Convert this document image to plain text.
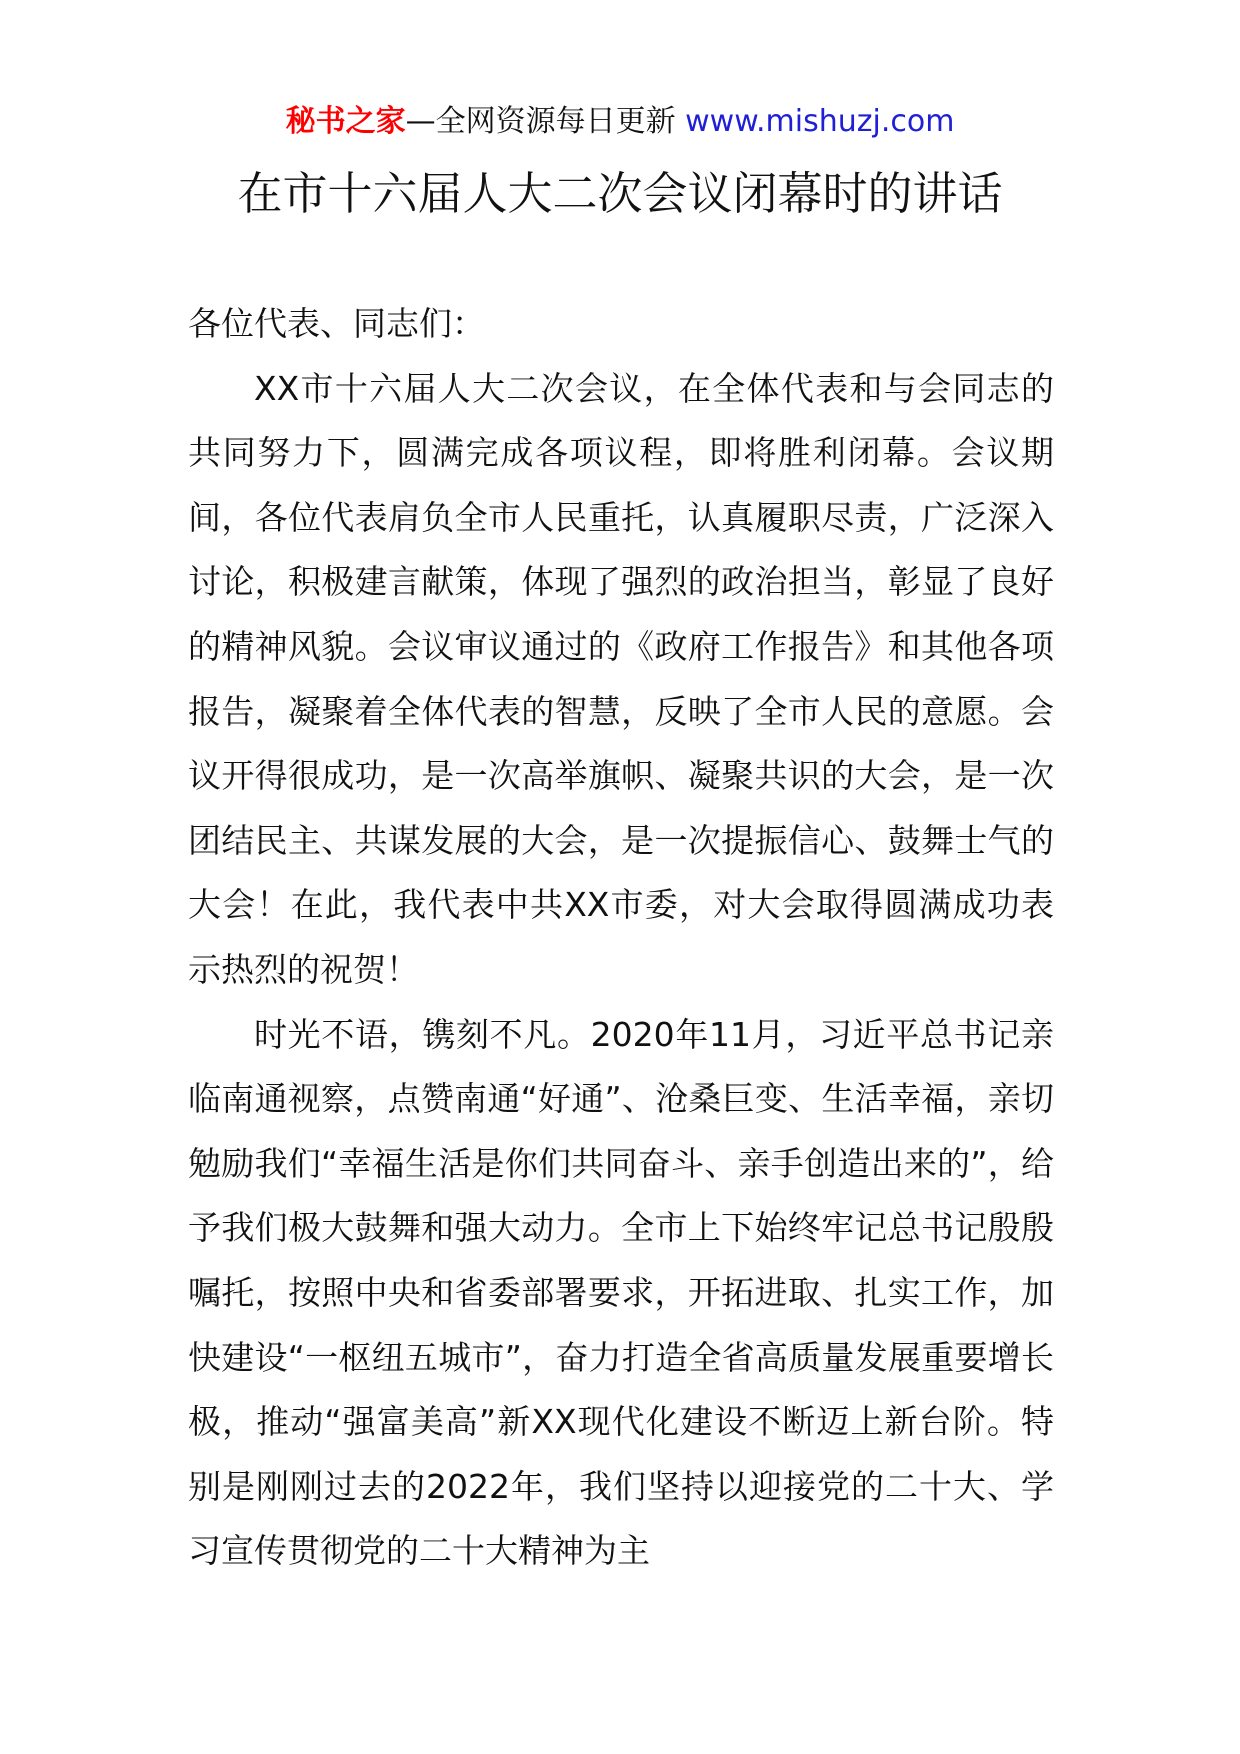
秘书之家—全网资源每日更新 www.mishuzj.com
在市十六届人大二次会议闭幕时的讲话

各位代表、同志们：

XX市十六届人大二次会议，在全体代表和与会同志的共同努力下，圆满完成各项议程，即将胜利闭幕。会议期间，各位代表肩负全市人民重托，认真履职尽责，广泛深入讨论，积极建言献策，体现了强烈的政治担当，彰显了良好的精神风貌。会议审议通过的《政府工作报告》和其他各项报告，凝聚着全体代表的智慧，反映了全市人民的意愿。会议开得很成功，是一次高举旗帜、凝聚共识的大会，是一次团结民主、共谋发展的大会，是一次提振信心、鼓舞士气的大会！在此，我代表中共XX市委，对大会取得圆满成功表示热烈的祝贺！

时光不语，镌刻不凡。2020年11月，习近平总书记亲临南通视察，点赞南通“好通”、沧桑巨变、生活幸福，亲切勉励我们“幸福生活是你们共同奋斗、亲手创造出来的”，给予我们极大鼓舞和强大动力。全市上下始终牢记总书记殷殷嘱托，按照中央和省委部署要求，开拓进取、扎实工作，加快建设“一枢纽五城市”，奋力打造全省高质量发展重要增长极，推动“强富美高”新XX现代化建设不断迈上新台阶。特别是刚刚过去的2022年，我们坚持以迎接党的二十大、学习宣传贯彻党的二十大精神为主
